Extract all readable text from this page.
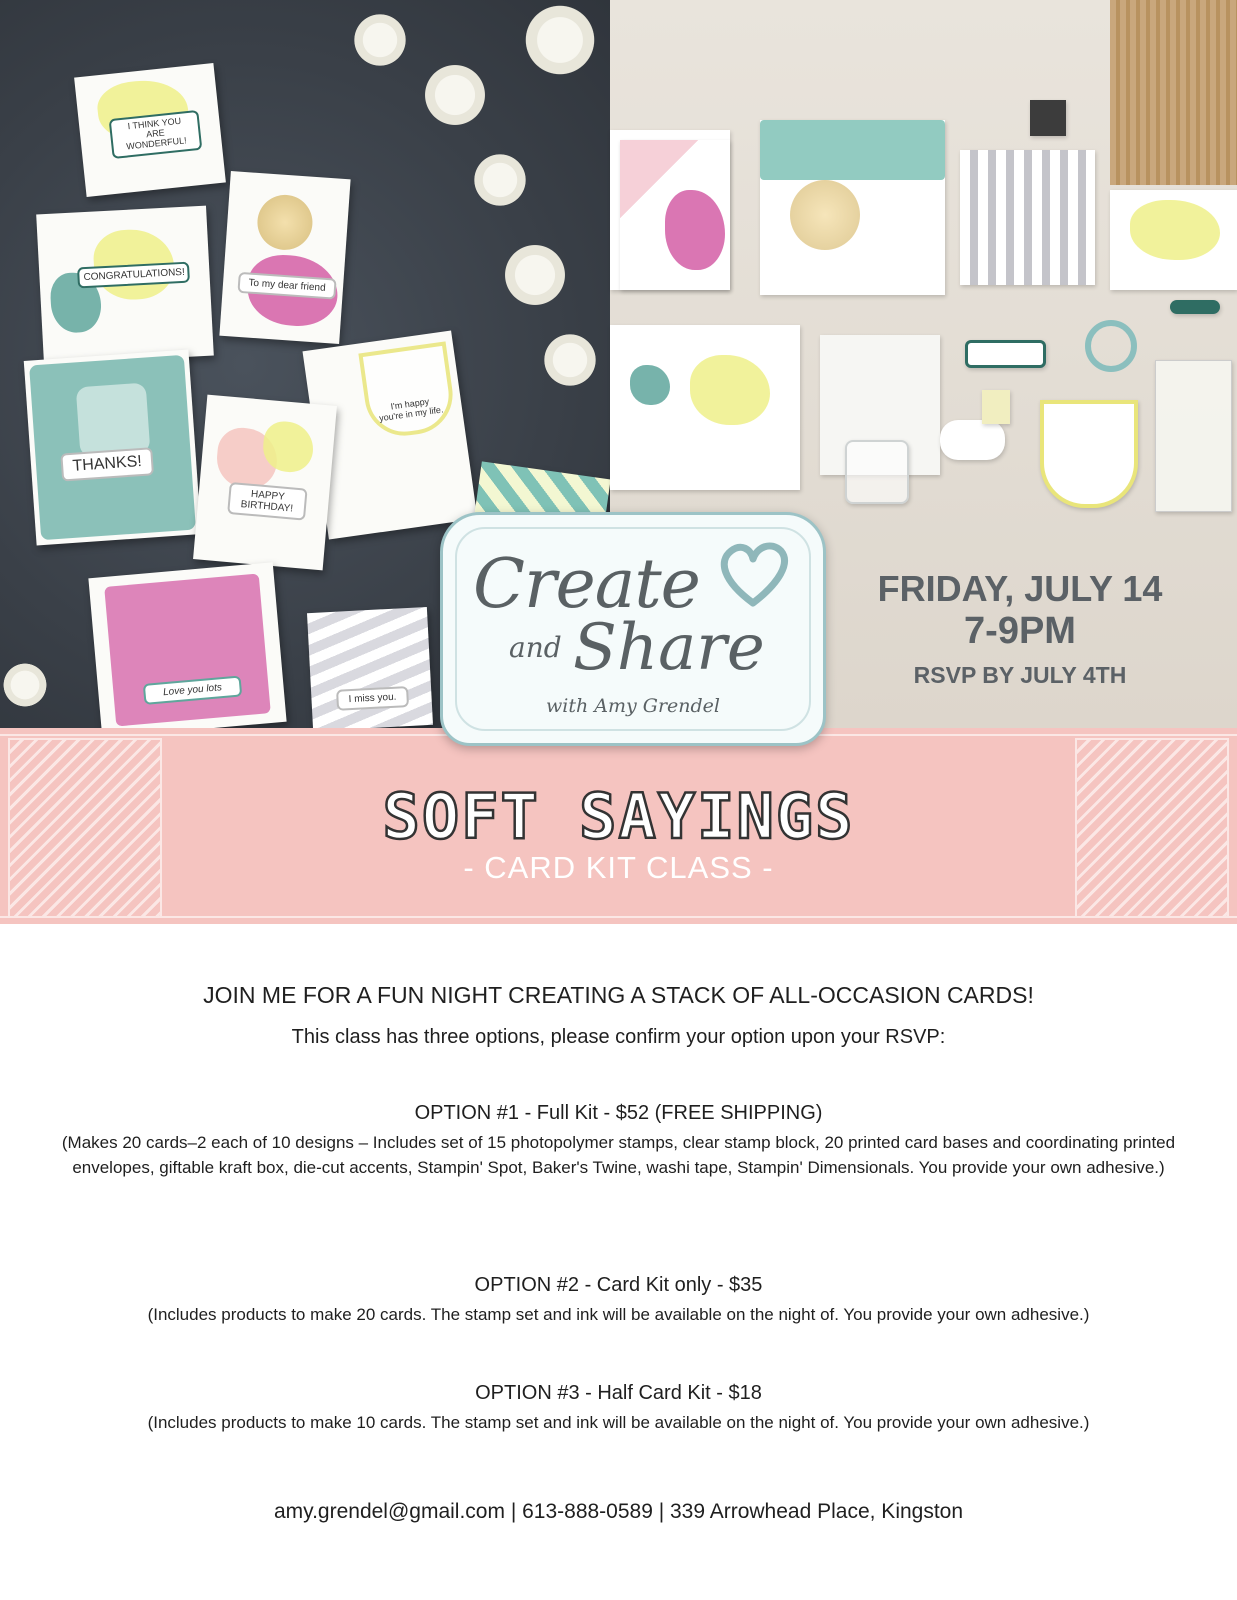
I THINK YOU
ARE WONDERFUL!
CONGRATULATIONS!
To my dear friend
THANKS!
I'm happy
you're in my life.
HAPPY
BIRTHDAY!
Love you lots
I miss you.
Create
and Share
with Amy Grendel
FRIDAY, JULY 14
7-9PM
RSVP BY JULY 4TH
SOFT SAYINGS
- CARD KIT CLASS -
JOIN ME FOR A FUN NIGHT CREATING A STACK OF ALL-OCCASION CARDS!
This class has three options, please confirm your option upon your RSVP:
OPTION #1 - Full Kit - $52 (FREE SHIPPING)
(Makes 20 cards–2 each of 10 designs – Includes set of 15 photopolymer stamps, clear stamp block, 20 printed card bases and coordinating printed envelopes, giftable kraft box, die-cut accents, Stampin' Spot, Baker's Twine, washi tape, Stampin' Dimensionals. You provide your own adhesive.)
OPTION #2 - Card Kit only - $35
(Includes products to make 20 cards. The stamp set and ink will be available on the night of. You provide your own adhesive.)
OPTION #3 - Half Card Kit - $18
(Includes products to make 10 cards. The stamp set and ink will be available on the night of. You provide your own adhesive.)
amy.grendel@gmail.com | 613-888-0589 | 339 Arrowhead Place, Kingston
